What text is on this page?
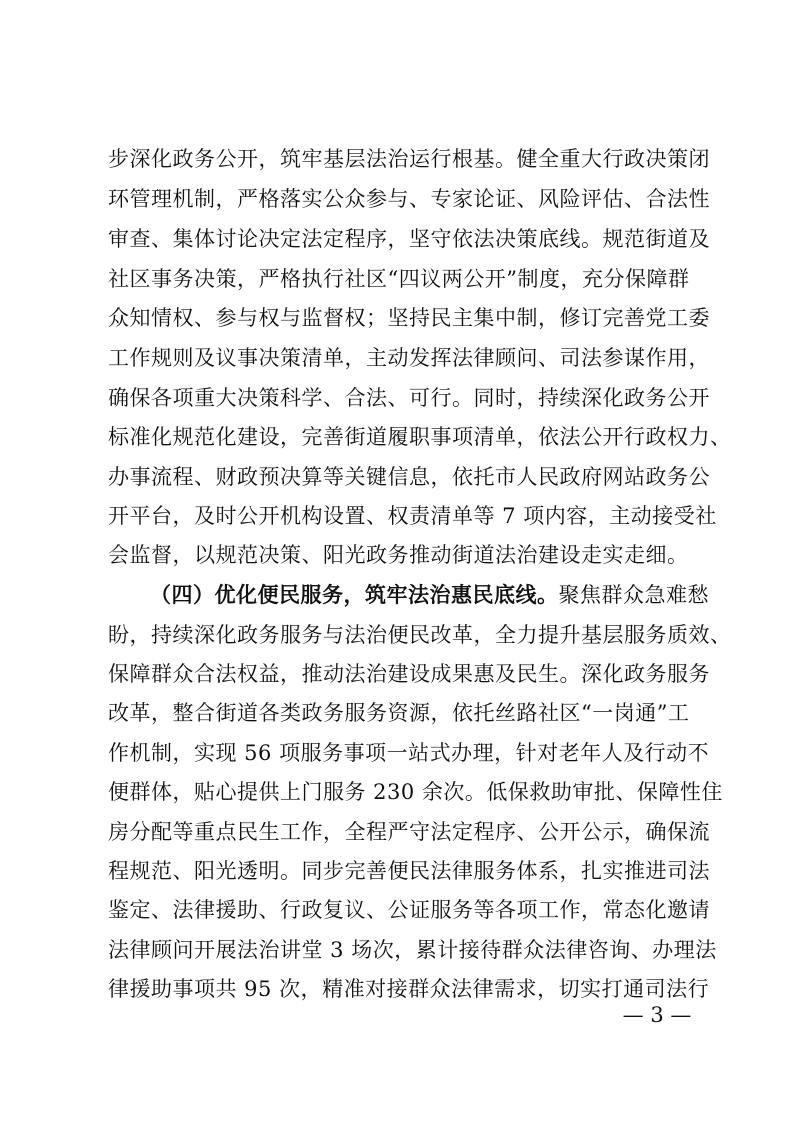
步深化政务公开，筑牢基层法治运行根基。健全重大行政决策闭
环管理机制，严格落实公众参与、专家论证、风险评估、合法性
审查、集体讨论决定法定程序，坚守依法决策底线。规范街道及
社区事务决策，严格执行社区“四议两公开”制度，充分保障群
众知情权、参与权与监督权；坚持民主集中制，修订完善党工委
工作规则及议事决策清单，主动发挥法律顾问、司法参谋作用，
确保各项重大决策科学、合法、可行。同时，持续深化政务公开
标准化规范化建设，完善街道履职事项清单，依法公开行政权力、
办事流程、财政预决算等关键信息，依托市人民政府网站政务公
开平台，及时公开机构设置、权责清单等 7 项内容，主动接受社
会监督，以规范决策、阳光政务推动街道法治建设走实走细。
（四）优化便民服务，筑牢法治惠民底线。聚焦群众急难愁
盼，持续深化政务服务与法治便民改革，全力提升基层服务质效、
保障群众合法权益，推动法治建设成果惠及民生。深化政务服务
改革，整合街道各类政务服务资源，依托丝路社区“一岗通”工
作机制，实现 56 项服务事项一站式办理，针对老年人及行动不
便群体，贴心提供上门服务 230 余次。低保救助审批、保障性住
房分配等重点民生工作，全程严守法定程序、公开公示，确保流
程规范、阳光透明。同步完善便民法律服务体系，扎实推进司法
鉴定、法律援助、行政复议、公证服务等各项工作，常态化邀请
法律顾问开展法治讲堂 3 场次，累计接待群众法律咨询、办理法
律援助事项共 95 次，精准对接群众法律需求，切实打通司法行
— 3 —
